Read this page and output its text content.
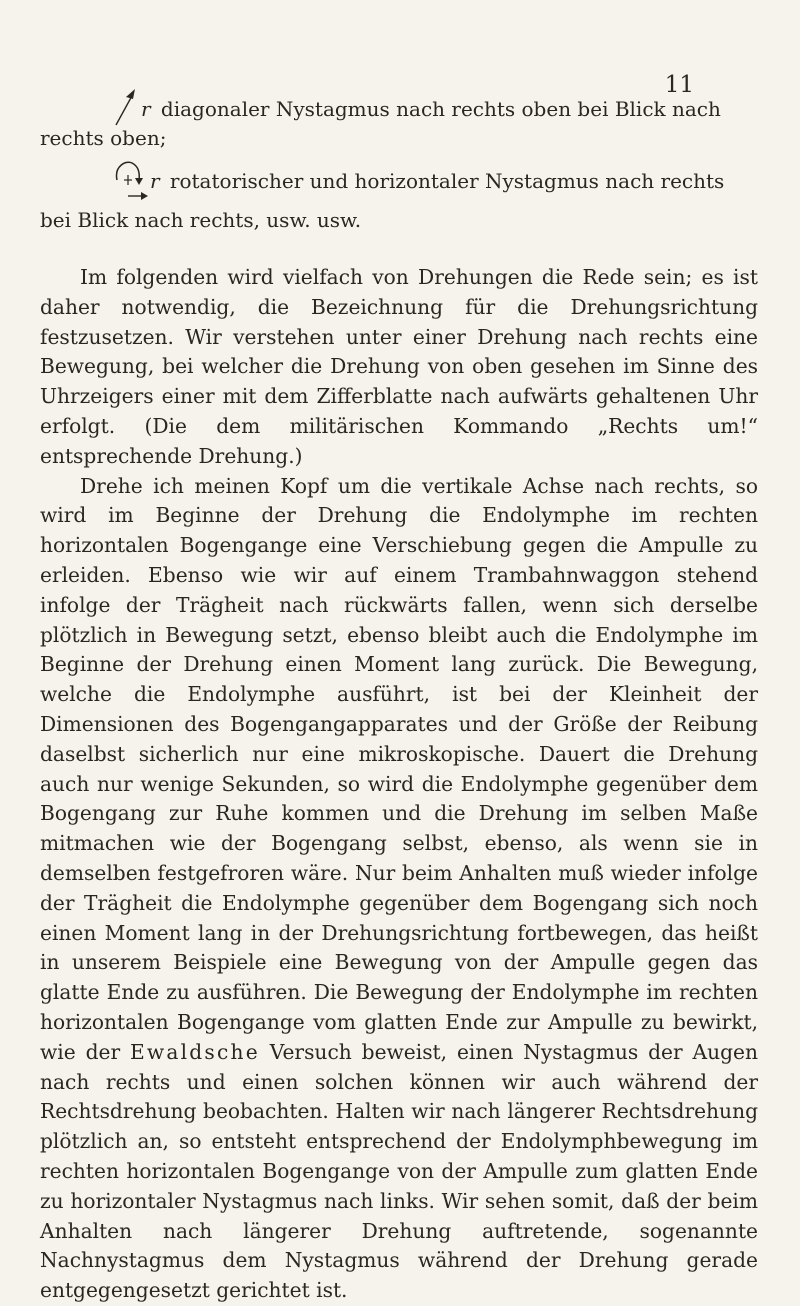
11
r diagonaler Nystagmus nach rechts oben bei Blick nach
rechts oben;
r rotatorischer und horizontaler Nystagmus nach rechts
bei Blick nach rechts, usw. usw.

Im folgenden wird vielfach von Drehungen die Rede sein; es ist daher notwendig, die Bezeichnung für die Drehungsrichtung festzusetzen. Wir verstehen unter einer Drehung nach rechts eine Bewegung, bei welcher die Drehung von oben gesehen im Sinne des Uhrzeigers einer mit dem Zifferblatte nach aufwärts gehaltenen Uhr erfolgt. (Die dem militärischen Kommando „Rechts um!“ entsprechende Drehung.)

Drehe ich meinen Kopf um die vertikale Achse nach rechts, so wird im Beginne der Drehung die Endolymphe im rechten horizontalen Bogengange eine Verschiebung gegen die Ampulle zu erleiden. Ebenso wie wir auf einem Trambahnwaggon stehend infolge der Trägheit nach rückwärts fallen, wenn sich derselbe plötzlich in Bewegung setzt, ebenso bleibt auch die Endolymphe im Beginne der Drehung einen Moment lang zurück. Die Bewegung, welche die Endolymphe ausführt, ist bei der Kleinheit der Dimensionen des Bogengangapparates und der Größe der Reibung daselbst sicherlich nur eine mikroskopische. Dauert die Drehung auch nur wenige Sekunden, so wird die Endolymphe gegenüber dem Bogengang zur Ruhe kommen und die Drehung im selben Maße mitmachen wie der Bogengang selbst, ebenso, als wenn sie in demselben festgefroren wäre. Nur beim Anhalten muß wieder infolge der Trägheit die Endolymphe gegenüber dem Bogengang sich noch einen Moment lang in der Drehungsrichtung fortbewegen, das heißt in unserem Beispiele eine Bewegung von der Ampulle gegen das glatte Ende zu ausführen. Die Bewegung der Endolymphe im rechten horizontalen Bogengange vom glatten Ende zur Ampulle zu bewirkt, wie der Ewaldsche Versuch beweist, einen Nystagmus der Augen nach rechts und einen solchen können wir auch während der Rechtsdrehung beobachten. Halten wir nach längerer Rechtsdrehung plötzlich an, so entsteht entsprechend der Endolymphbewegung im rechten horizontalen Bogengange von der Ampulle zum glatten Ende zu horizontaler Nystagmus nach links. Wir sehen somit, daß der beim Anhalten nach längerer Drehung auftretende, sogenannte Nachnystagmus dem Nystagmus während der Drehung gerade entgegengesetzt gerichtet ist.
